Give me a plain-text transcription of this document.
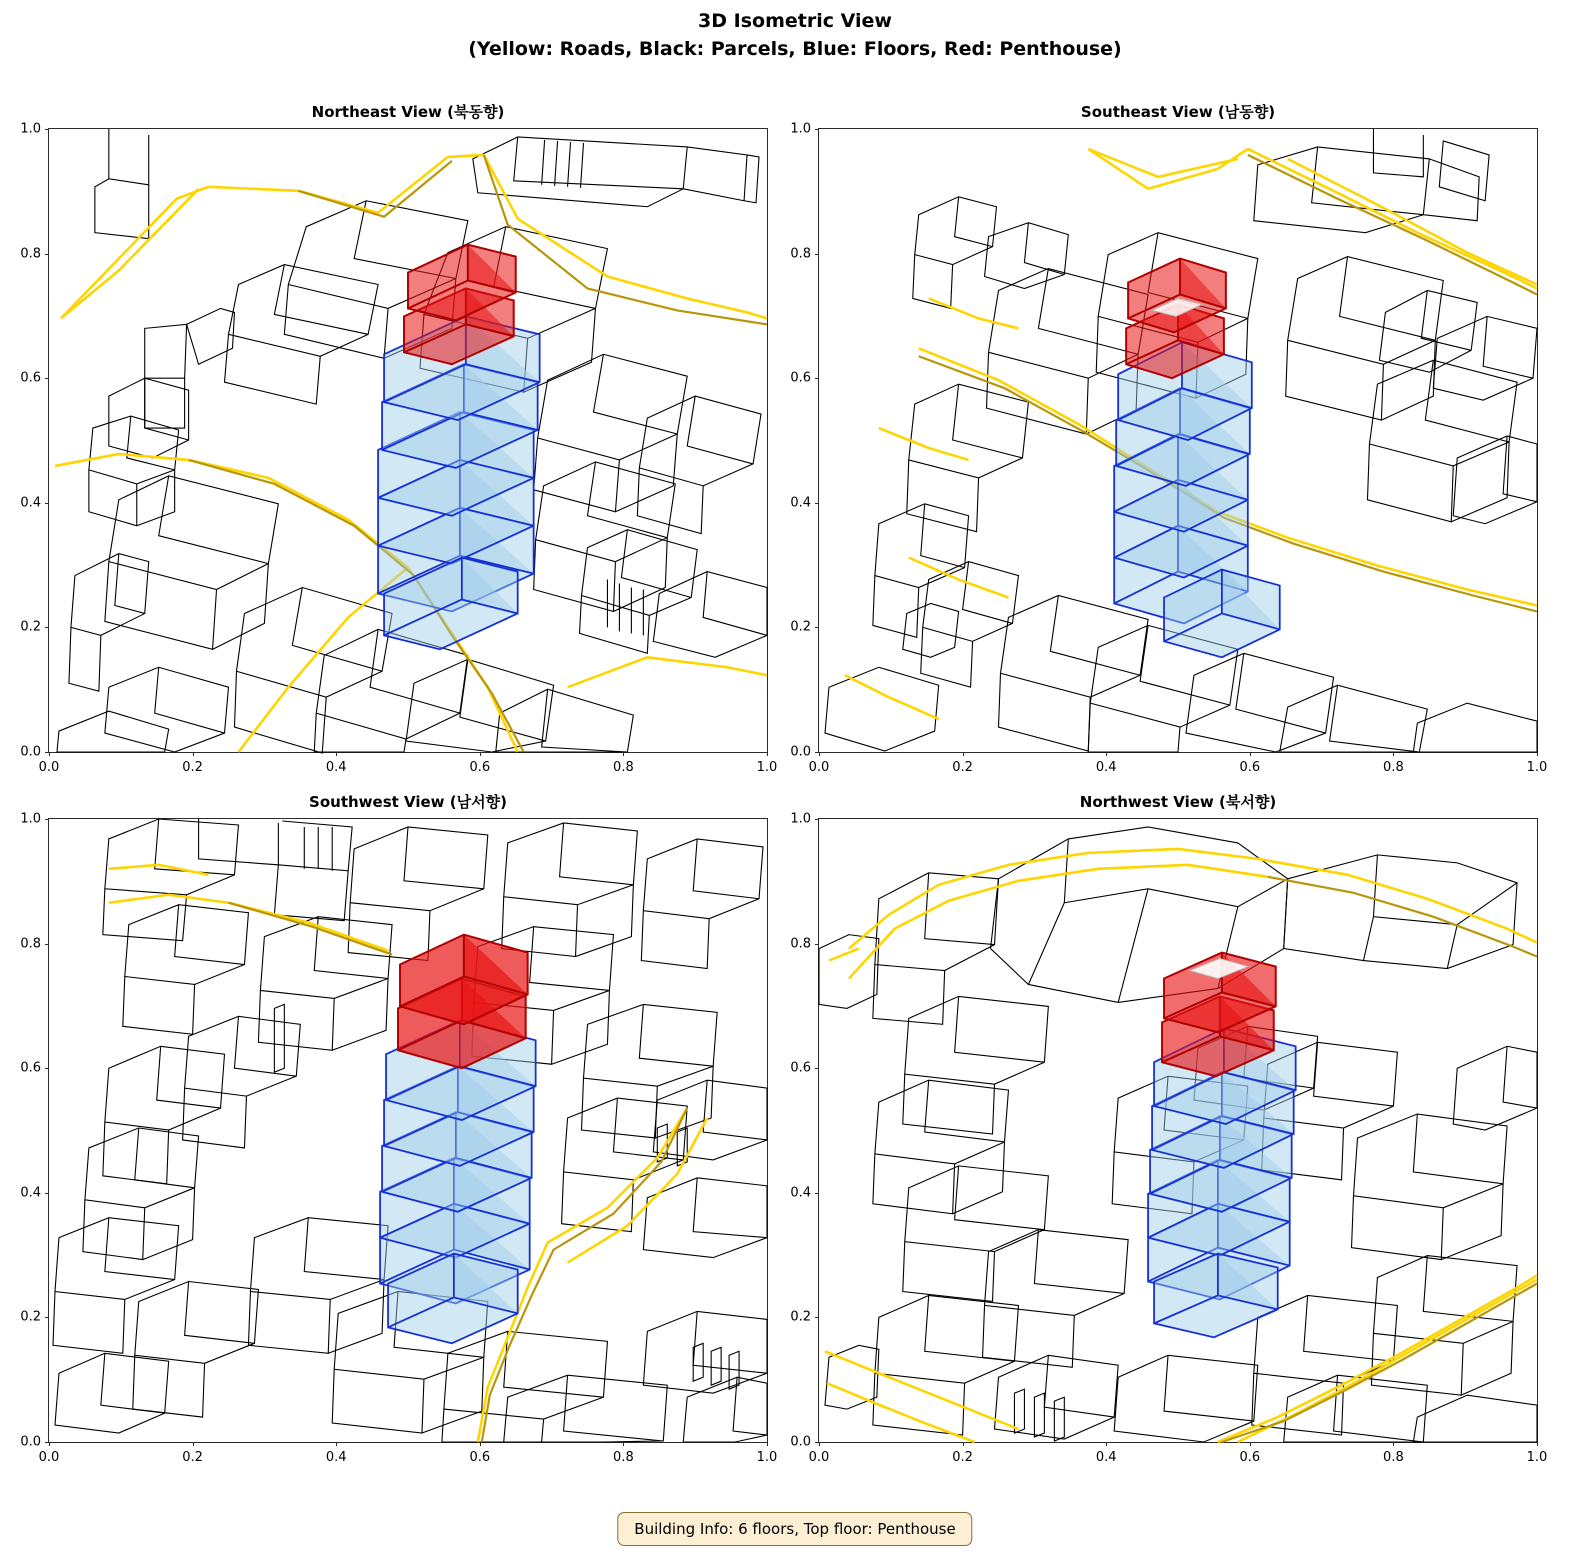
3D Isometric View
(Yellow: Roads, Black: Parcels, Blue: Floors, Red: Penthouse)
Northeast View (북동향)
1.0
0.8
0.6
0.4
0.2
0.0
0.0	0.2	0.4	0.6	0.8	1.0
Southeast View (남동향)
1.0
0.8
0.6
0.4
0.2
0.0
0.0	0.2	0.4	0.6	0.8	1.0
Southwest View (남서향)
1.0
0.8
0.6
0.4
0.2
0.0
0.0	0.2	0.4	0.6	0.8	1.0
Northwest View (북서향)
1.0
0.8
0.6
0.4
0.2
0.0
0.0	0.2	0.4	0.6	0.8	1.0
Building Info: 6 floors, Top floor: Penthouse
